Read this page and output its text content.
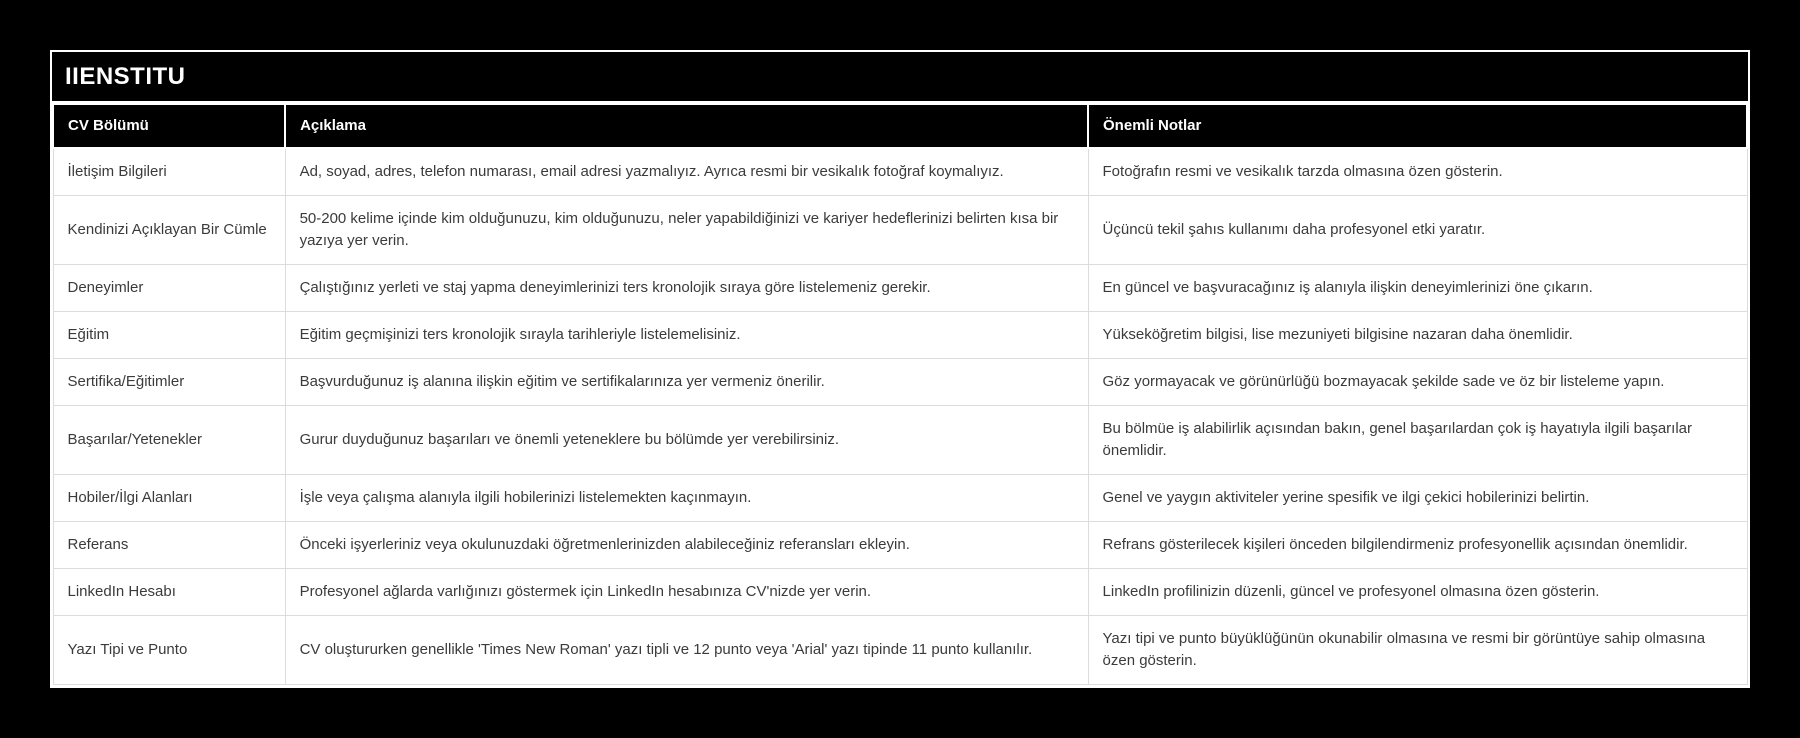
IIENSTITU
CV Bölümü	Açıklama	Önemli Notlar
İletişim Bilgileri	Ad, soyad, adres, telefon numarası, email adresi yazmalıyız. Ayrıca resmi bir vesikalık fotoğraf koymalıyız.	Fotoğrafın resmi ve vesikalık tarzda olmasına özen gösterin.
Kendinizi Açıklayan Bir Cümle	50-200 kelime içinde kim olduğunuzu, kim olduğunuzu, neler yapabildiğinizi ve kariyer hedeflerinizi belirten kısa bir yazıya yer verin.	Üçüncü tekil şahıs kullanımı daha profesyonel etki yaratır.
Deneyimler	Çalıştığınız yerleti ve staj yapma deneyimlerinizi ters kronolojik sıraya göre listelemeniz gerekir.	En güncel ve başvuracağınız iş alanıyla ilişkin deneyimlerinizi öne çıkarın.
Eğitim	Eğitim geçmişinizi ters kronolojik sırayla tarihleriyle listelemelisiniz.	Yükseköğretim bilgisi, lise mezuniyeti bilgisine nazaran daha önemlidir.
Sertifika/Eğitimler	Başvurduğunuz iş alanına ilişkin eğitim ve sertifikalarınıza yer vermeniz önerilir.	Göz yormayacak ve görünürlüğü bozmayacak şekilde sade ve öz bir listeleme yapın.
Başarılar/Yetenekler	Gurur duyduğunuz başarıları ve önemli yeteneklere bu bölümde yer verebilirsiniz.	Bu bölmüe iş alabilirlik açısından bakın, genel başarılardan çok iş hayatıyla ilgili başarılar önemlidir.
Hobiler/İlgi Alanları	İşle veya çalışma alanıyla ilgili hobilerinizi listelemekten kaçınmayın.	Genel ve yaygın aktiviteler yerine spesifik ve ilgi çekici hobilerinizi belirtin.
Referans	Önceki işyerleriniz veya okulunuzdaki öğretmenlerinizden alabileceğiniz referansları ekleyin.	Refrans gösterilecek kişileri önceden bilgilendirmeniz profesyonellik açısından önemlidir.
LinkedIn Hesabı	Profesyonel ağlarda varlığınızı göstermek için LinkedIn hesabınıza CV'nizde yer verin.	LinkedIn profilinizin düzenli, güncel ve profesyonel olmasına özen gösterin.
Yazı Tipi ve Punto	CV oluştururken genellikle 'Times New Roman' yazı tipli ve 12 punto veya 'Arial' yazı tipinde 11 punto kullanılır.	Yazı tipi ve punto büyüklüğünün okunabilir olmasına ve resmi bir görüntüye sahip olmasına özen gösterin.
